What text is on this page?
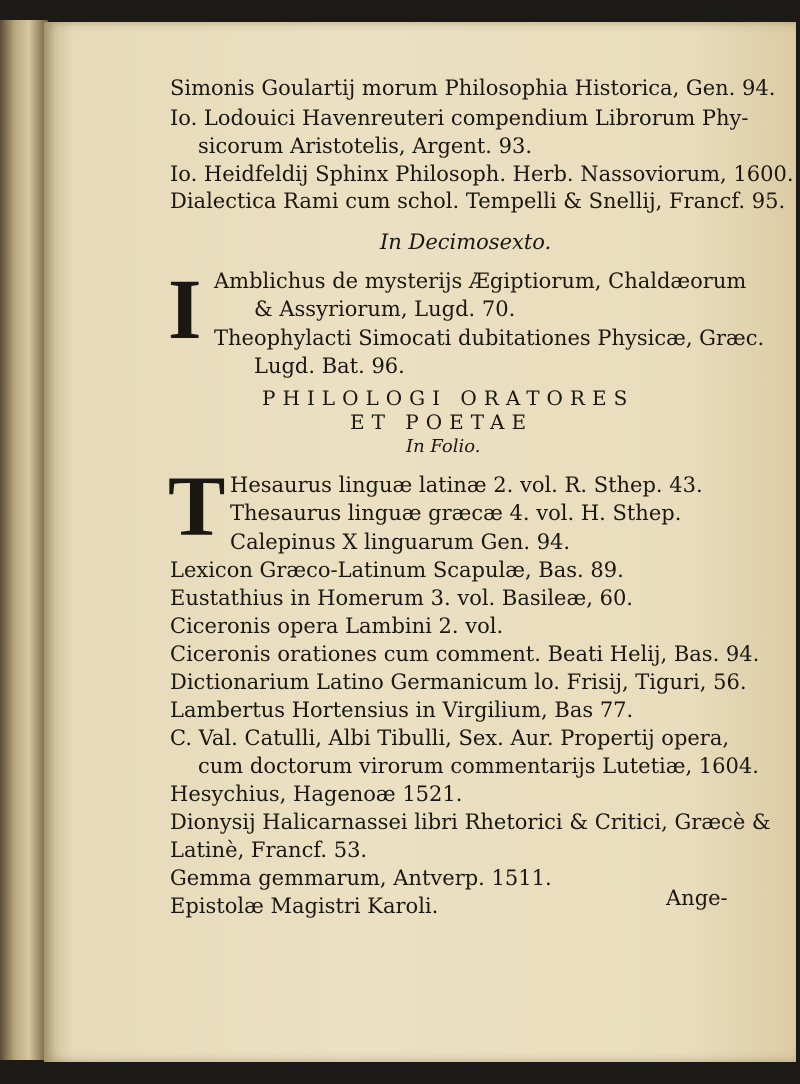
Simonis Goulartij morum Philosophia Historica, Gen. 94.
Io. Lodouici Havenreuteri compendium Librorum Phy-
sicorum Aristotelis, Argent. 93.
Io. Heidfeldij Sphinx Philosoph. Herb. Nassoviorum, 1600.
Dialectica Rami cum schol. Tempelli & Snellij, Francf. 95.
In Decimosexto.
I Amblichus de mysterijs Ægiptiorum, Chaldæorum
& Assyriorum, Lugd. 70.
Theophylacti Simocati dubitationes Physicæ, Græc.
Lugd. Bat. 96.
PHILOLOGI ORATORES
ET POETAE
In Folio.
T Hesaurus linguæ latinæ 2. vol. R. Sthep. 43.
Thesaurus linguæ græcæ 4. vol. H. Sthep.
Calepinus X linguarum Gen. 94.
Lexicon Græco-Latinum Scapulæ, Bas. 89.
Eustathius in Homerum 3. vol. Basileæ, 60.
Ciceronis opera Lambini 2. vol.
Ciceronis orationes cum comment. Beati Helij, Bas. 94.
Dictionarium Latino Germanicum lo. Frisij, Tiguri, 56.
Lambertus Hortensius in Virgilium, Bas 77.
C. Val. Catulli, Albi Tibulli, Sex. Aur. Propertij opera,
cum doctorum virorum commentarijs Lutetiæ, 1604.
Hesychius, Hagenoæ 1521.
Dionysij Halicarnassei libri Rhetorici & Critici, Græcè &
Latinè, Francf. 53.
Gemma gemmarum, Antverp. 1511.
Epistolæ Magistri Karoli.	Ange-
